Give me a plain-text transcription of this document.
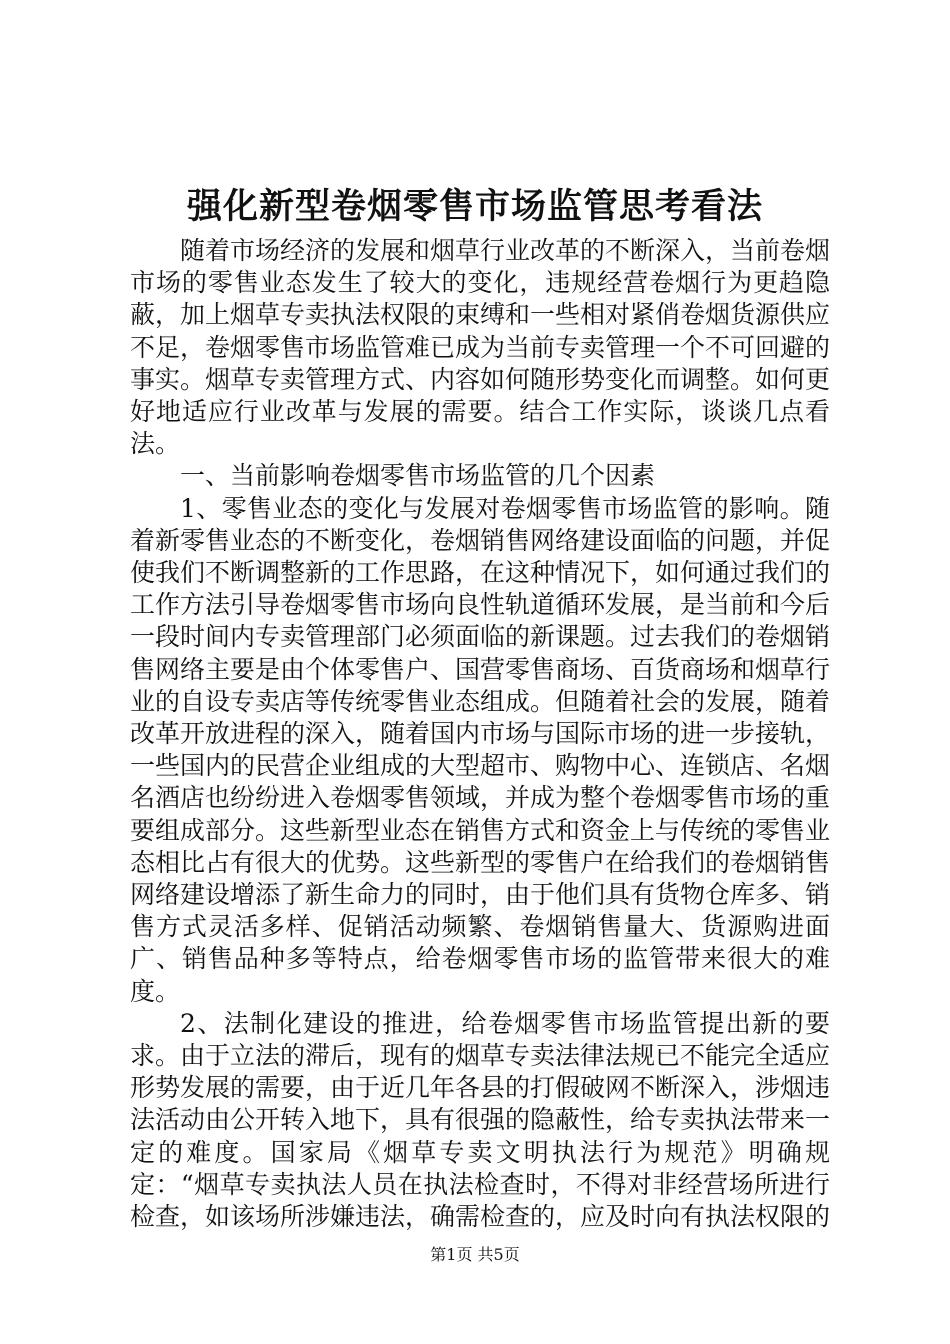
强化新型卷烟零售市场监管思考看法

随着市场经济的发展和烟草行业改革的不断深入，当前卷烟市场的零售业态发生了较大的变化，违规经营卷烟行为更趋隐蔽，加上烟草专卖执法权限的束缚和一些相对紧俏卷烟货源供应不足，卷烟零售市场监管难已成为当前专卖管理一个不可回避的事实。烟草专卖管理方式、内容如何随形势变化而调整。如何更好地适应行业改革与发展的需要。结合工作实际，谈谈几点看法。

一、当前影响卷烟零售市场监管的几个因素

1、零售业态的变化与发展对卷烟零售市场监管的影响。随着新零售业态的不断变化，卷烟销售网络建设面临的问题，并促使我们不断调整新的工作思路，在这种情况下，如何通过我们的工作方法引导卷烟零售市场向良性轨道循环发展，是当前和今后一段时间内专卖管理部门必须面临的新课题。过去我们的卷烟销售网络主要是由个体零售户、国营零售商场、百货商场和烟草行业的自设专卖店等传统零售业态组成。但随着社会的发展，随着改革开放进程的深入，随着国内市场与国际市场的进一步接轨，一些国内的民营企业组成的大型超市、购物中心、连锁店、名烟名酒店也纷纷进入卷烟零售领域，并成为整个卷烟零售市场的重要组成部分。这些新型业态在销售方式和资金上与传统的零售业态相比占有很大的优势。这些新型的零售户在给我们的卷烟销售网络建设增添了新生命力的同时，由于他们具有货物仓库多、销售方式灵活多样、促销活动频繁、卷烟销售量大、货源购进面广、销售品种多等特点，给卷烟零售市场的监管带来很大的难度。

2、法制化建设的推进，给卷烟零售市场监管提出新的要求。由于立法的滞后，现有的烟草专卖法律法规已不能完全适应形势发展的需要，由于近几年各县的打假破网不断深入，涉烟违法活动由公开转入地下，具有很强的隐蔽性，给专卖执法带来一定的难度。国家局《烟草专卖文明执法行为规范》明确规定：“烟草专卖执法人员在执法检查时，不得对非经营场所进行检查，如该场所涉嫌违法，确需检查的，应及时向有执法权限的

第1页 共5页
